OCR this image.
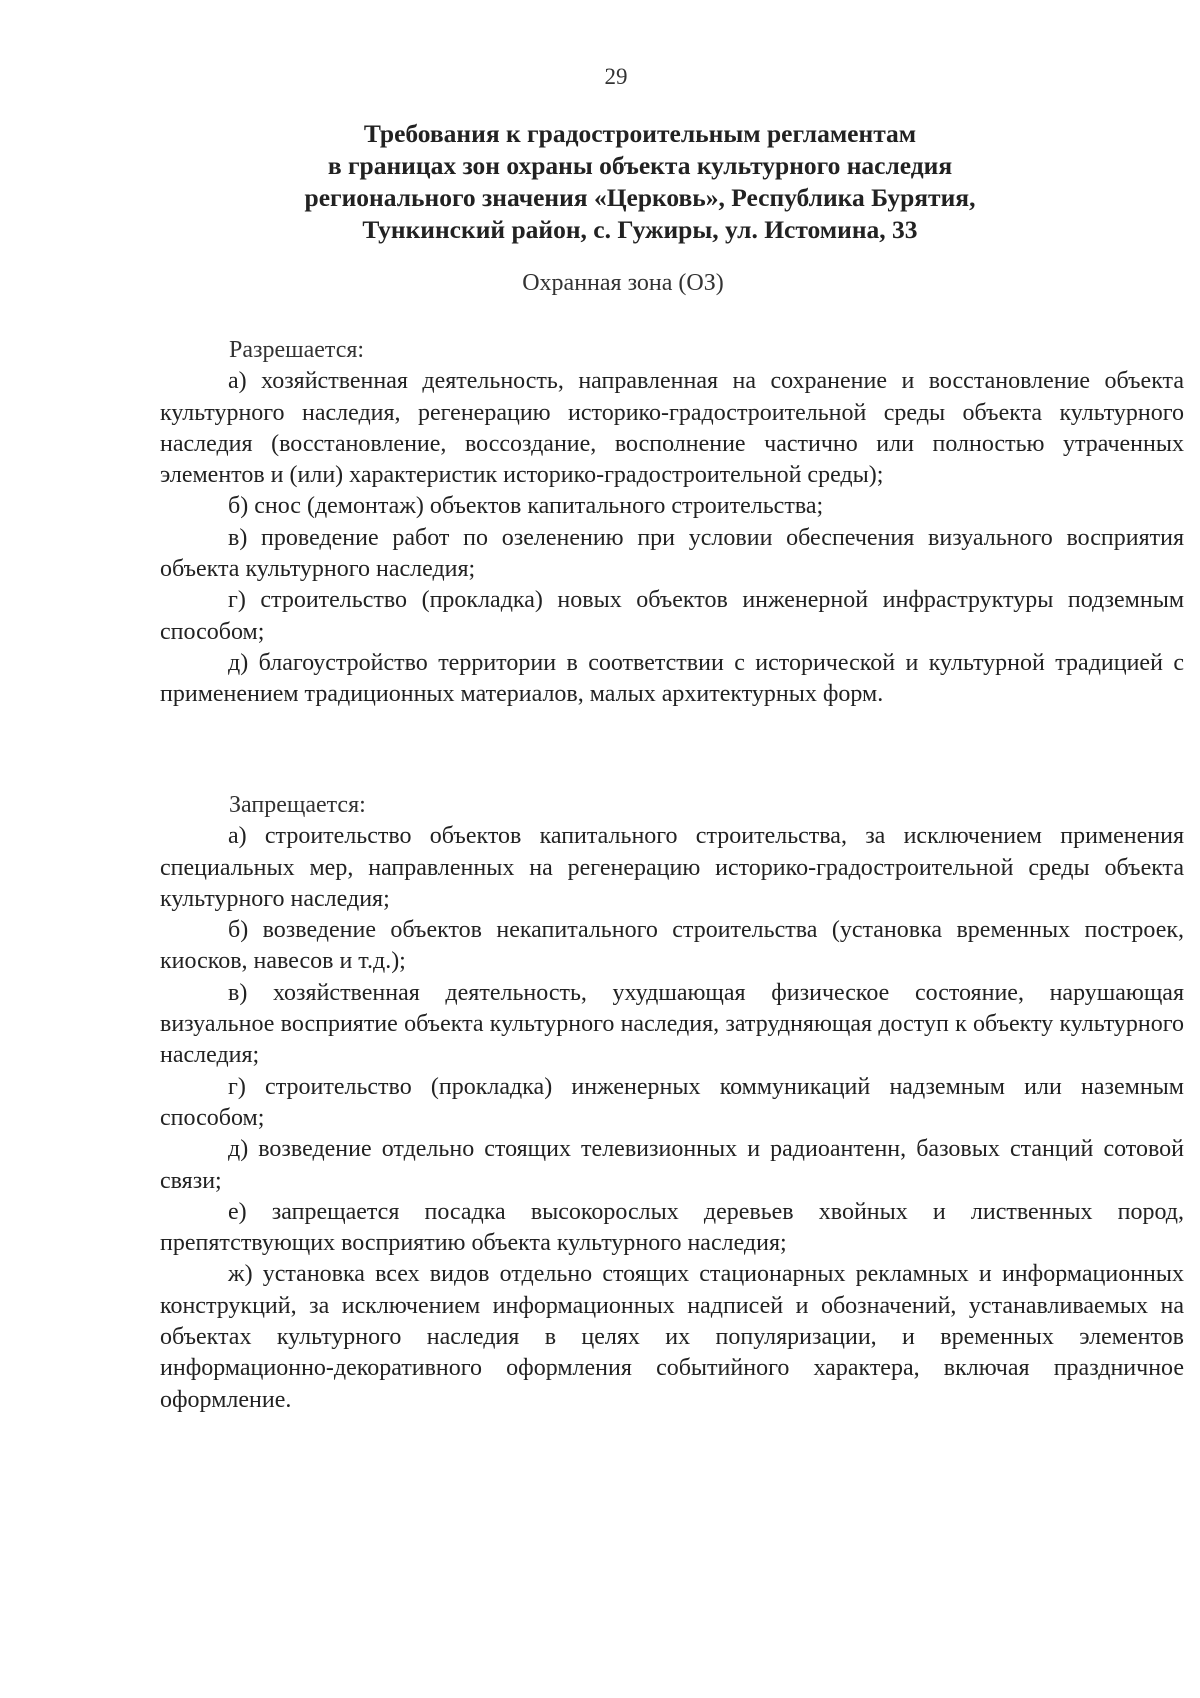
29
Требования к градостроительным регламентам
в границах зон охраны объекта культурного наследия
регионального значения «Церковь», Республика Бурятия,
Тункинский район, с. Гужиры, ул. Истомина, 33
Охранная зона (ОЗ)

Разрешается:

а) хозяйственная деятельность, направленная на сохранение и восстановление объекта культурного наследия, регенерацию историко-градостроительной среды объекта культурного наследия (восстановление, воссоздание, восполнение частично или полностью утраченных элементов и (или) характеристик историко-градостроительной среды);

б) снос (демонтаж) объектов капитального строительства;

в) проведение работ по озеленению при условии обеспечения визуального восприятия объекта культурного наследия;

г) строительство (прокладка) новых объектов инженерной инфраструктуры подземным способом;

д) благоустройство территории в соответствии с исторической и культурной традицией с применением традиционных материалов, малых архитектурных форм.

Запрещается:

а) строительство объектов капитального строительства, за исключением применения специальных мер, направленных на регенерацию историко-градостроительной среды объекта культурного наследия;

б) возведение объектов некапитального строительства (установка временных построек, киосков, навесов и т.д.);

в) хозяйственная деятельность, ухудшающая физическое состояние, нарушающая визуальное восприятие объекта культурного наследия, затрудняющая доступ к объекту культурного наследия;

г) строительство (прокладка) инженерных коммуникаций надземным или наземным способом;

д) возведение отдельно стоящих телевизионных и радиоантенн, базовых станций сотовой связи;

е) запрещается посадка высокорослых деревьев хвойных и лиственных пород, препятствующих восприятию объекта культурного наследия;

ж) установка всех видов отдельно стоящих стационарных рекламных и информационных конструкций, за исключением информационных надписей и обозначений, устанавливаемых на объектах культурного наследия в целях их популяризации, и временных элементов информационно-декоративного оформления событийного характера, включая праздничное оформление.
